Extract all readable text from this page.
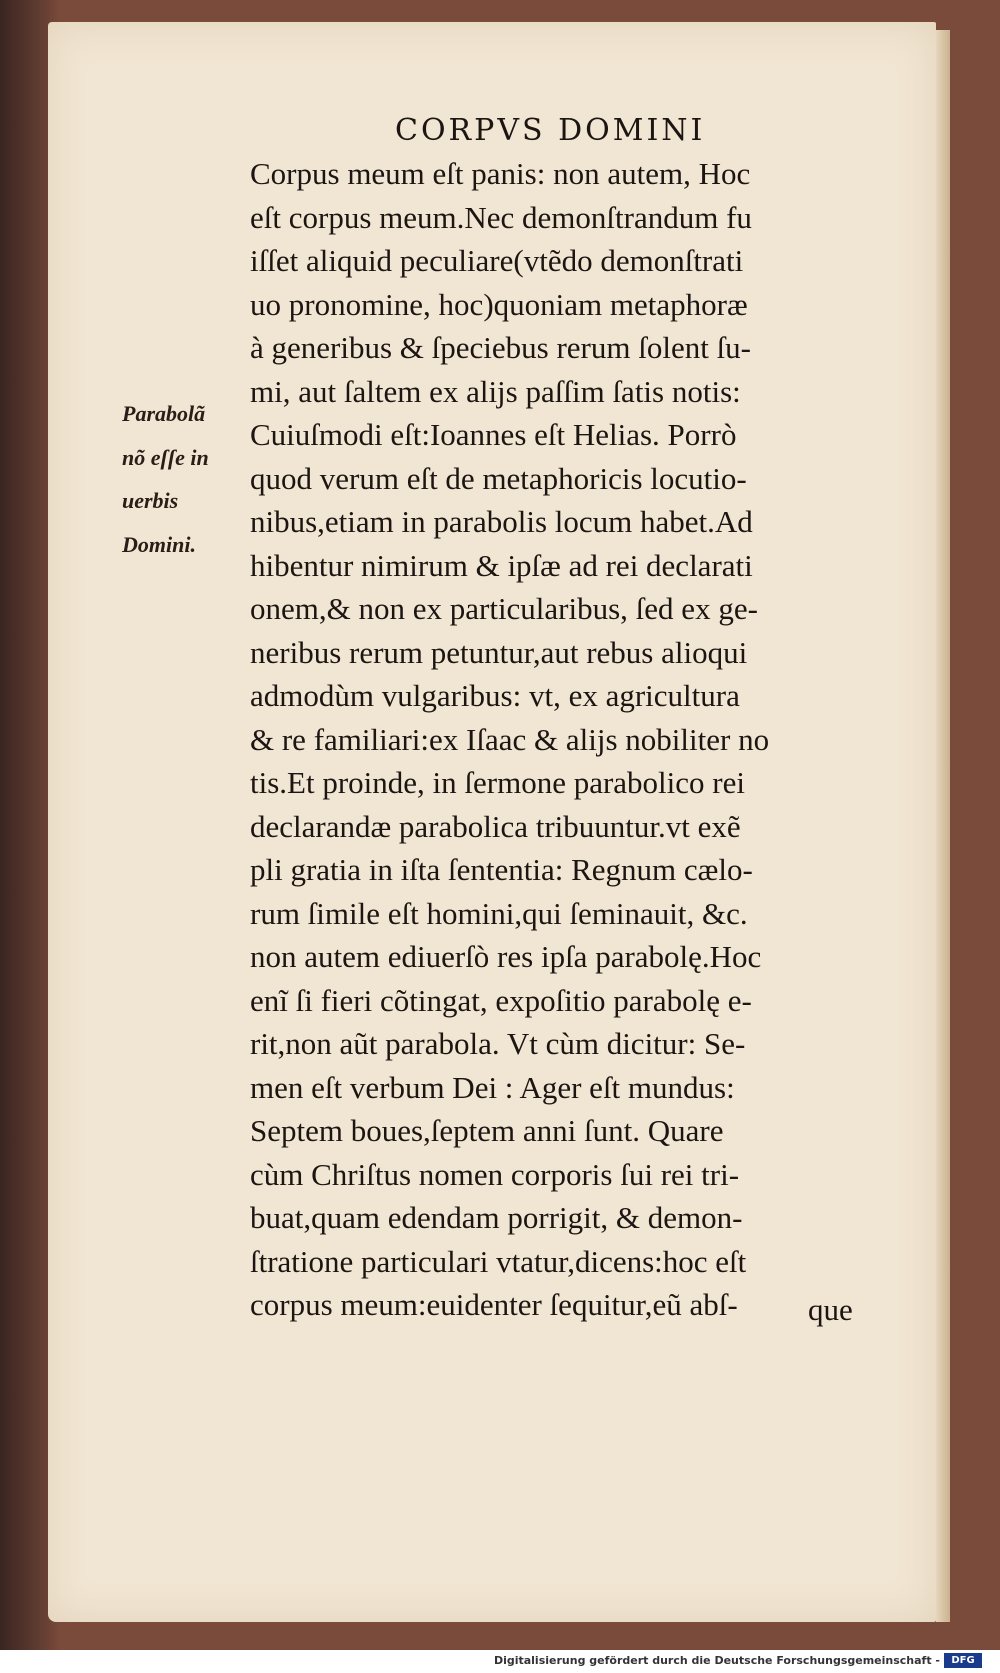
CORPVS DOMINI
Corpus meum eſt panis: non autem, Hoc
eſt corpus meum.Nec demonſtrandum fu
iſſet aliquid peculiare(vtẽdo demonſtrati
uo pronomine, hoc)quoniam metaphoræ
à generibus & ſpeciebus rerum ſolent ſu-
mi, aut ſaltem ex alijs paſſim ſatis notis:
Cuiuſmodi eſt:Ioannes eſt Helias. Porrò
quod verum eſt de metaphoricis locutio-
nibus,etiam in parabolis locum habet.Ad
hibentur nimirum & ipſæ ad rei declarati
onem,& non ex particularibus, ſed ex ge-
neribus rerum petuntur,aut rebus alioqui
admodùm vulgaribus: vt, ex agricultura
& re familiari:ex Iſaac & alijs nobiliter no
tis.Et proinde, in ſermone parabolico rei
declarandæ parabolica tribuuntur.vt exẽ
pli gratia in iſta ſententia: Regnum cælo-
rum ſimile eſt homini,qui ſeminauit, &c.
non autem ediuerſò res ipſa parabolę.Hoc
enĩ ſi fieri cõtingat, expoſitio parabolę e-
rit,non aũt parabola. Vt cùm dicitur: Se-
men eſt verbum Dei : Ager eſt mundus:
Septem boues,ſeptem anni ſunt. Quare
cùm Chriſtus nomen corporis ſui rei tri-
buat,quam edendam porrigit, & demon-
ſtratione particulari vtatur,dicens:hoc eſt
corpus meum:euidenter ſequitur,eũ abſ-
Parabolã
nõ eſſe in
uerbis
Domini.
que
Digitalisierung gefördert durch die Deutsche Forschungsgemeinschaft -	DFG
